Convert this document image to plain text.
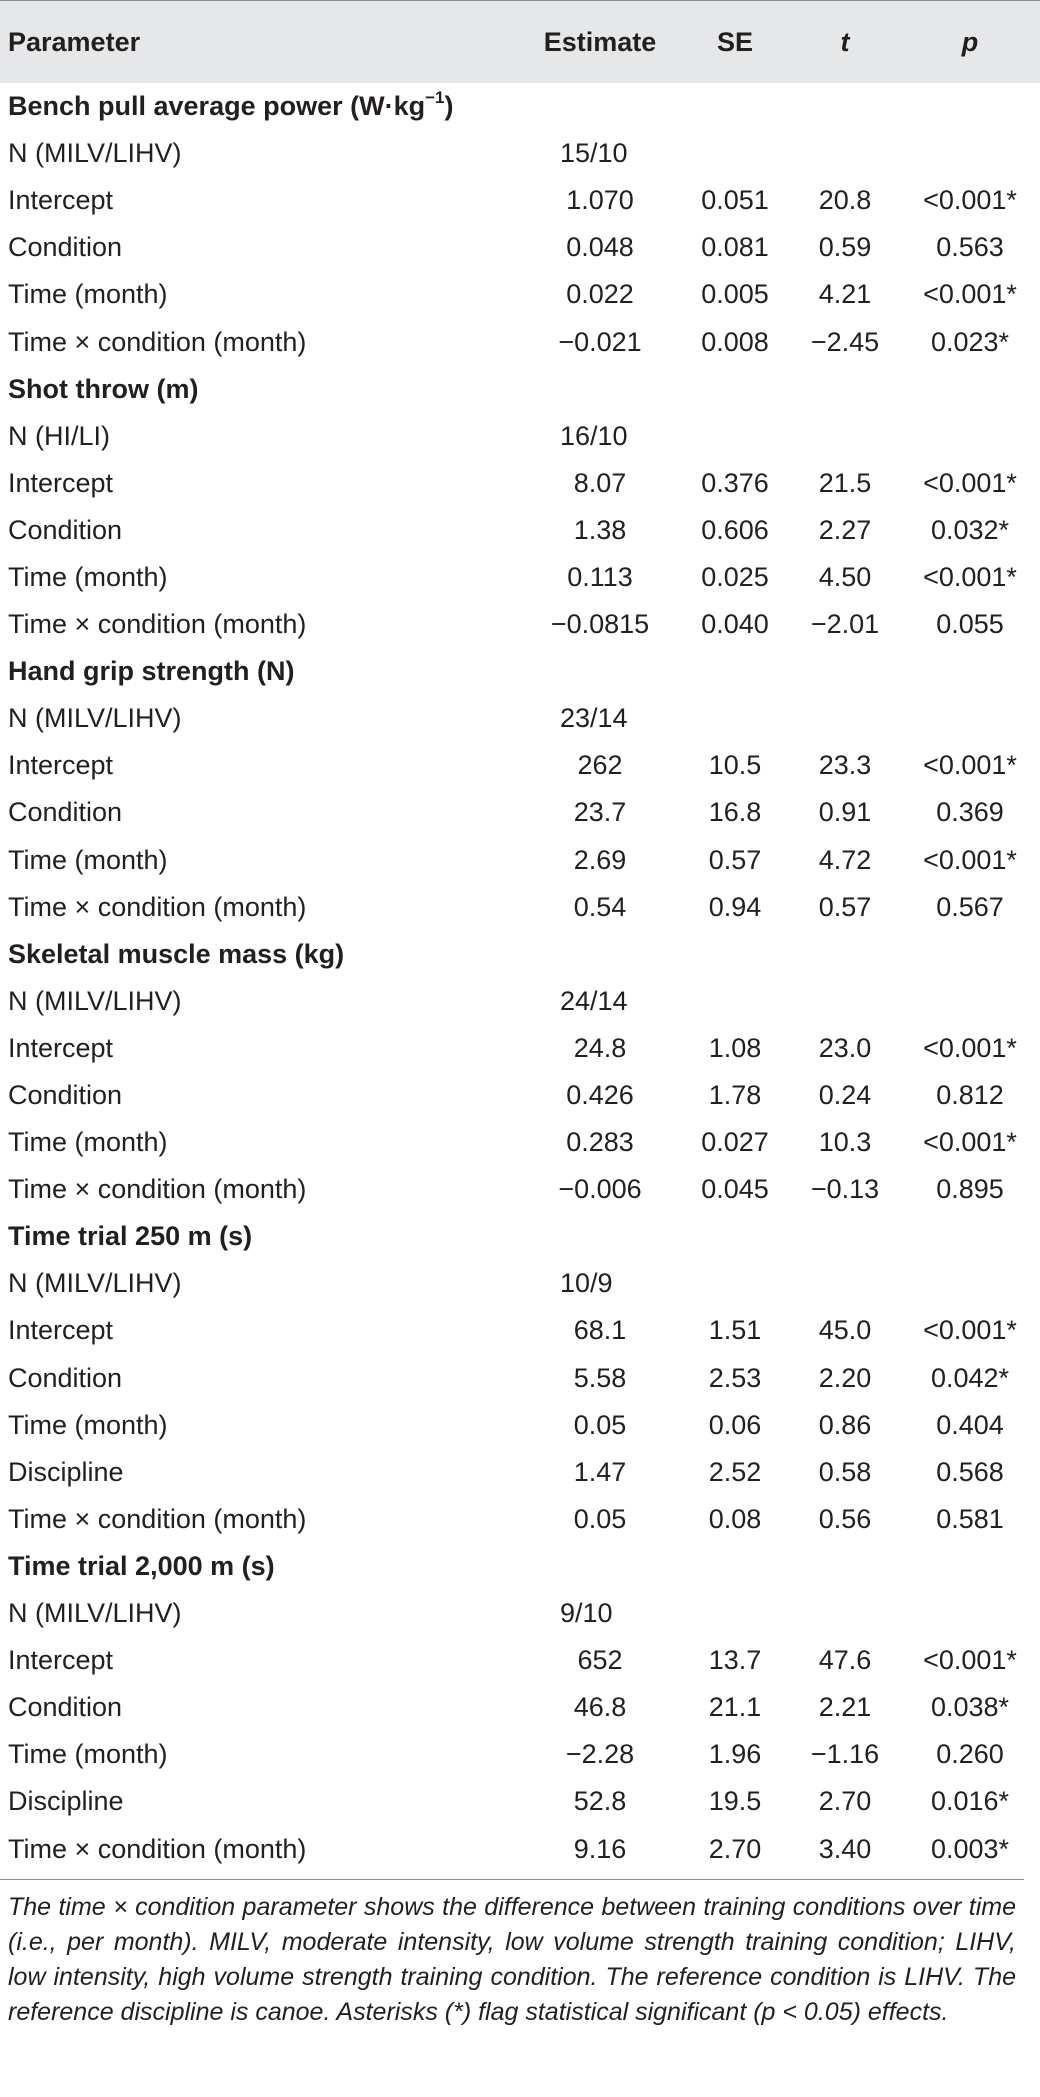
Parameter	Estimate	SE	t	p
Bench pull average power $(W\cdot kg^{-1})$				
N (MILV/LIHV)	15/10			
Intercept	1.070	0.051	20.8	<0.001*
Condition	0.048	0.081	0.59	0.563
Time (month)	0.022	0.005	4.21	<0.001*
Time × condition (month)	−0.021	0.008	−2.45	0.023*
Shot throw (m)				
N (HI/LI)	16/10			
Intercept	8.07	0.376	21.5	<0.001*
Condition	1.38	0.606	2.27	0.032*
Time (month)	0.113	0.025	4.50	<0.001*
Time × condition (month)	−0.0815	0.040	−2.01	0.055
Hand grip strength (N)				
N (MILV/LIHV)	23/14			
Intercept	262	10.5	23.3	<0.001*
Condition	23.7	16.8	0.91	0.369
Time (month)	2.69	0.57	4.72	<0.001*
Time × condition (month)	0.54	0.94	0.57	0.567
Skeletal muscle mass (kg)				
N (MILV/LIHV)	24/14			
Intercept	24.8	1.08	23.0	<0.001*
Condition	0.426	1.78	0.24	0.812
Time (month)	0.283	0.027	10.3	<0.001*
Time × condition (month)	−0.006	0.045	−0.13	0.895
Time trial 250 m (s)				
N (MILV/LIHV)	10/9			
Intercept	68.1	1.51	45.0	<0.001*
Condition	5.58	2.53	2.20	0.042*
Time (month)	0.05	0.06	0.86	0.404
Discipline	1.47	2.52	0.58	0.568
Time × condition (month)	0.05	0.08	0.56	0.581
Time trial 2,000 m (s)				
N (MILV/LIHV)	9/10			
Intercept	652	13.7	47.6	<0.001*
Condition	46.8	21.1	2.21	0.038*
Time (month)	−2.28	1.96	−1.16	0.260
Discipline	52.8	19.5	2.70	0.016*
Time × condition (month)	9.16	2.70	3.40	0.003*
The time × condition parameter shows the difference between training conditions over time (i.e., per month). MILV, moderate intensity, low volume strength training condition; LIHV, low intensity, high volume strength training condition. The reference condition is LIHV. The reference discipline is canoe. Asterisks (*) flag statistical significant (p < 0.05) effects.
